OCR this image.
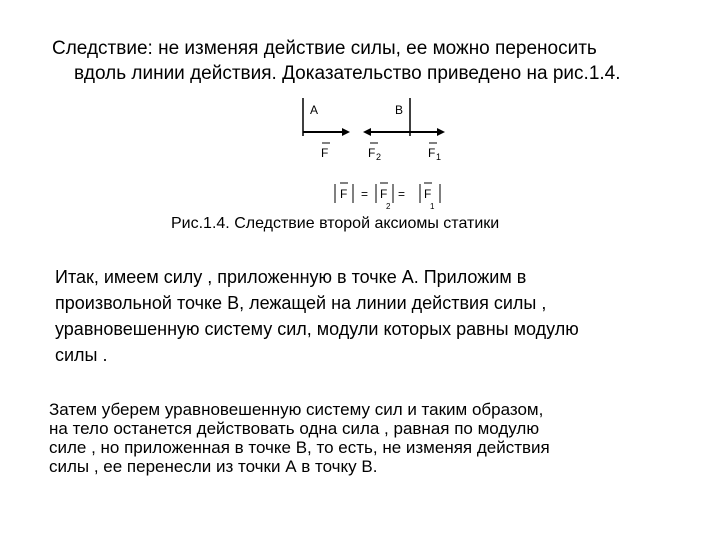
Следствие: не изменяя действие силы, ее можно переносить
вдоль линии действия. Доказательство приведено на рис.1.4.
A	B
F	F 2	F 1
F = F
2
= F
1
Рис.1.4. Следствие второй аксиомы статики
Итак, имеем силу , приложенную в точке А. Приложим в
произвольной точке В, лежащей на линии действия силы ,
уравновешенную систему сил, модули которых равны модулю
силы .
Затем уберем уравновешенную систему сил и таким образом,
на тело останется действовать одна сила , равная по модулю
силе , но приложенная в точке В, то есть, не изменяя действия
силы , ее перенесли из точки А в точку В.
